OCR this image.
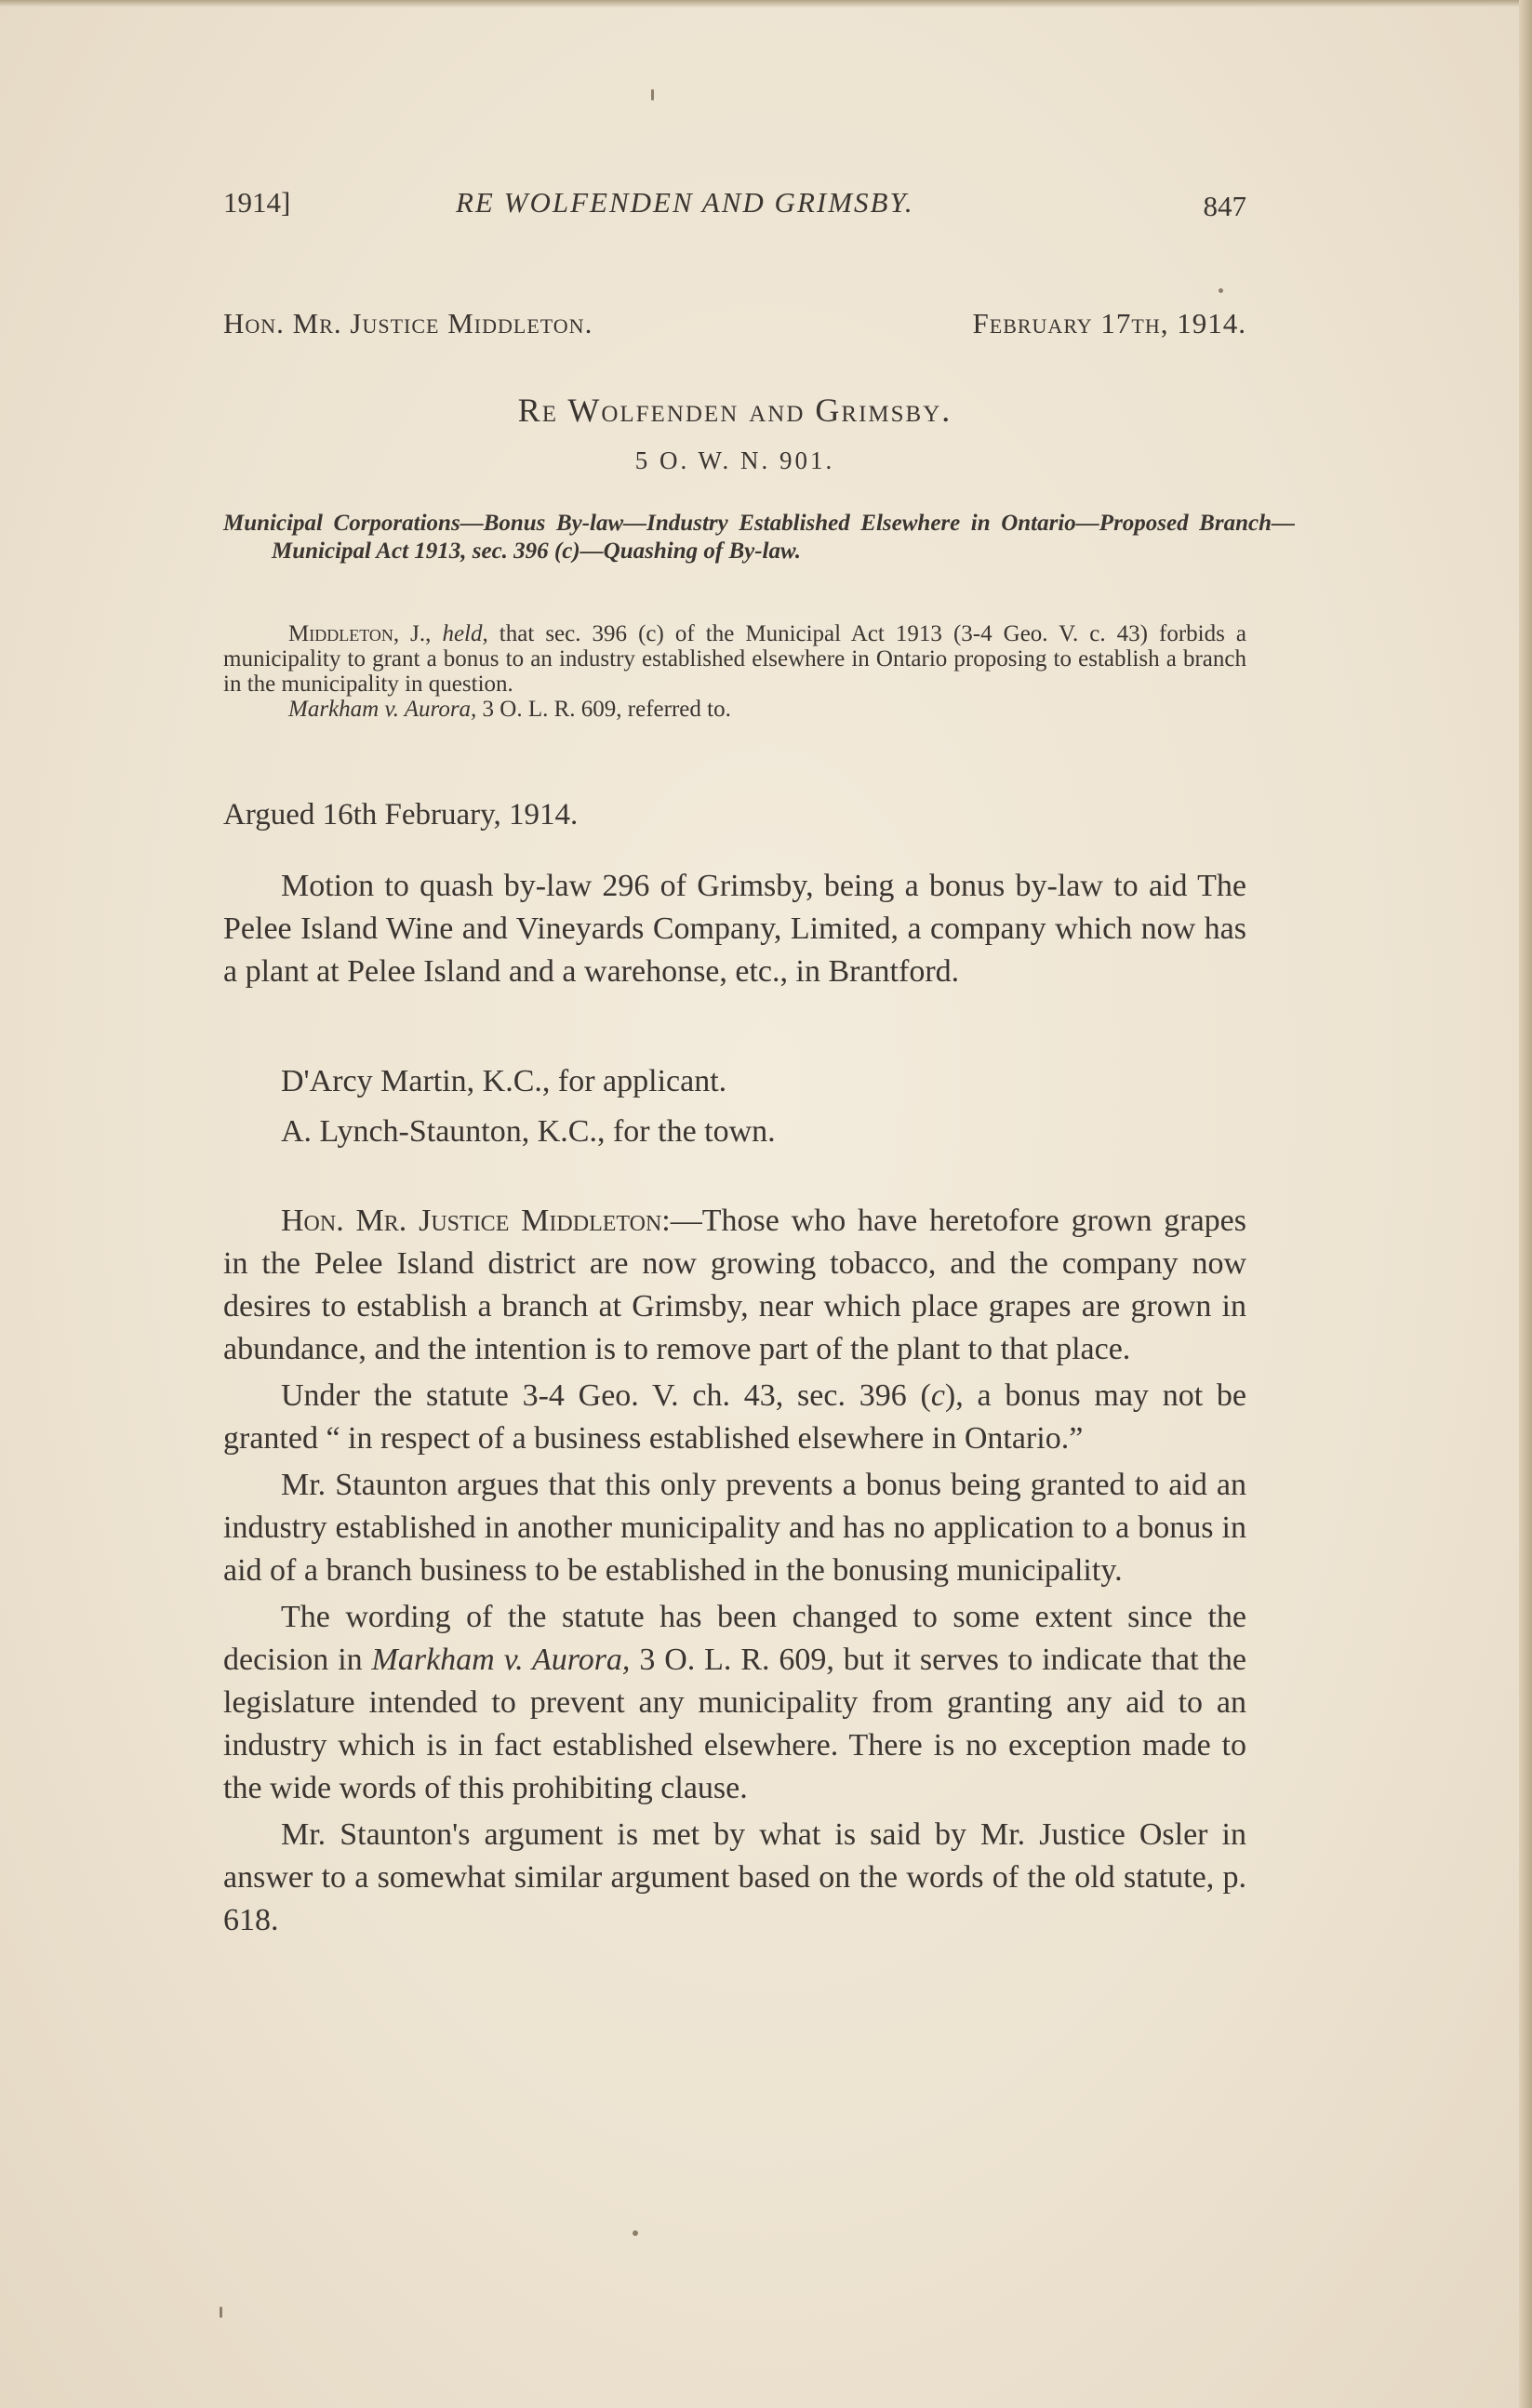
1914]	RE WOLFENDEN AND GRIMSBY.	847
Hon. Mr. Justice Middleton.	February 17th, 1914.
Re Wolfenden and Grimsby.
5 O. W. N. 901.
Municipal Corporations—Bonus By-law—Industry Established Elsewhere in Ontario—Proposed Branch—Municipal Act 1913, sec. 396 (c)—Quashing of By-law.

Middleton, J., held, that sec. 396 (c) of the Municipal Act 1913 (3-4 Geo. V. c. 43) forbids a municipality to grant a bonus to an industry established elsewhere in Ontario proposing to establish a branch in the municipality in question.

Markham v. Aurora, 3 O. L. R. 609, referred to.

Argued 16th February, 1914.

Motion to quash by-law 296 of Grimsby, being a bonus by-law to aid The Pelee Island Wine and Vineyards Company, Limited, a company which now has a plant at Pelee Island and a warehonse, etc., in Brantford.

D'Arcy Martin, K.C., for applicant.

A. Lynch-Staunton, K.C., for the town.

Hon. Mr. Justice Middleton:—Those who have heretofore grown grapes in the Pelee Island district are now growing tobacco, and the company now desires to establish a branch at Grimsby, near which place grapes are grown in abundance, and the intention is to remove part of the plant to that place.

Under the statute 3-4 Geo. V. ch. 43, sec. 396 (c), a bonus may not be granted “ in respect of a business established elsewhere in Ontario.”

Mr. Staunton argues that this only prevents a bonus being granted to aid an industry established in another municipality and has no application to a bonus in aid of a branch business to be established in the bonusing municipality.

The wording of the statute has been changed to some extent since the decision in Markham v. Aurora, 3 O. L. R. 609, but it serves to indicate that the legislature intended to prevent any municipality from granting any aid to an industry which is in fact established elsewhere. There is no exception made to the wide words of this prohibiting clause.

Mr. Staunton's argument is met by what is said by Mr. Justice Osler in answer to a somewhat similar argument based on the words of the old statute, p. 618.
